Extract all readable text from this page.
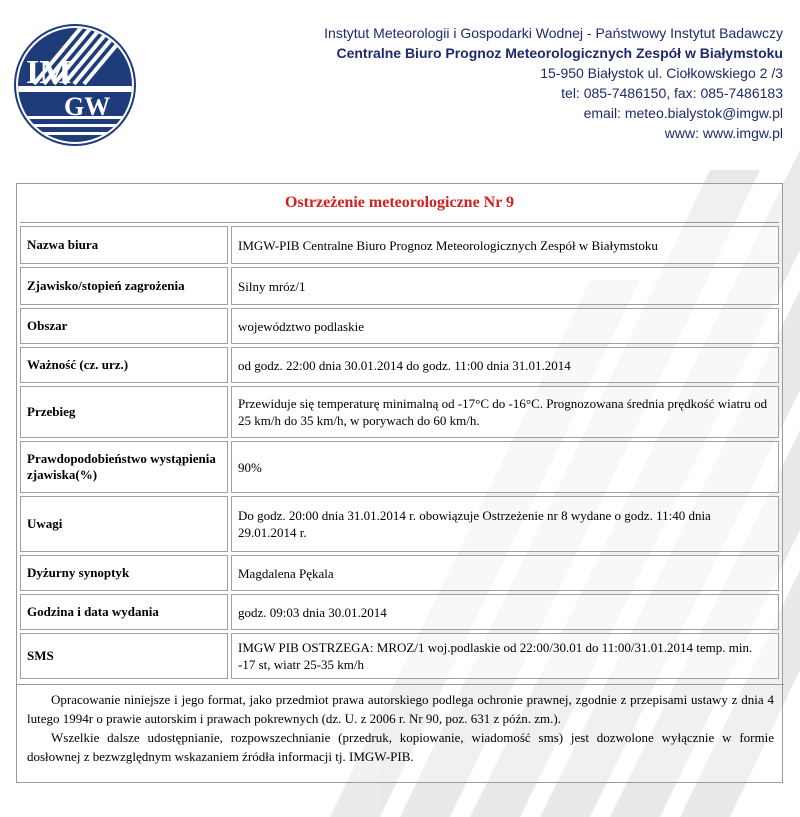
IM
GW
Instytut Meteorologii i Gospodarki Wodnej - Państwowy Instytut Badawczy
Centralne Biuro Prognoz Meteorologicznych Zespół w Białymstoku
15-950 Białystok ul. Ciołkowskiego 2 /3
tel: 085-7486150, fax: 085-7486183
email: meteo.bialystok@imgw.pl
www: www.imgw.pl
Ostrzeżenie meteorologiczne Nr 9
Nazwa biura	IMGW-PIB Centralne Biuro Prognoz Meteorologicznych Zespół w Białymstoku
Zjawisko/stopień zagrożenia	Silny mróz/1
Obszar	województwo podlaskie
Ważność (cz. urz.)	od godz. 22:00 dnia 30.01.2014 do godz. 11:00 dnia 31.01.2014
Przebieg	Przewiduje się temperaturę minimalną od -17°C do -16°C. Prognozowana średnia prędkość wiatru od 25 km/h do 35 km/h, w porywach do 60 km/h.
Prawdopodobieństwo wystąpienia zjawiska(%)	90%
Uwagi	Do godz. 20:00 dnia 31.01.2014 r. obowiązuje Ostrzeżenie nr 8 wydane o godz. 11:40 dnia 29.01.2014 r.
Dyżurny synoptyk	Magdalena Pękala
Godzina i data wydania	godz. 09:03 dnia 30.01.2014
SMS	IMGW PIB OSTRZEGA: MROZ/1 woj.podlaskie od 22:00/30.01 do 11:00/31.01.2014 temp. min. -17 st, wiatr 25-35 km/h

Opracowanie niniejsze i jego format, jako przedmiot prawa autorskiego podlega ochronie prawnej, zgodnie z przepisami ustawy z dnia 4 lutego 1994r o prawie autorskim i prawach pokrewnych (dz. U. z 2006 r. Nr 90, poz. 631 z późn. zm.).

Wszelkie dalsze udostępnianie, rozpowszechnianie (przedruk, kopiowanie, wiadomość sms) jest dozwolone wyłącznie w formie dosłownej z bezwzględnym wskazaniem źródła informacji tj. IMGW-PIB.
